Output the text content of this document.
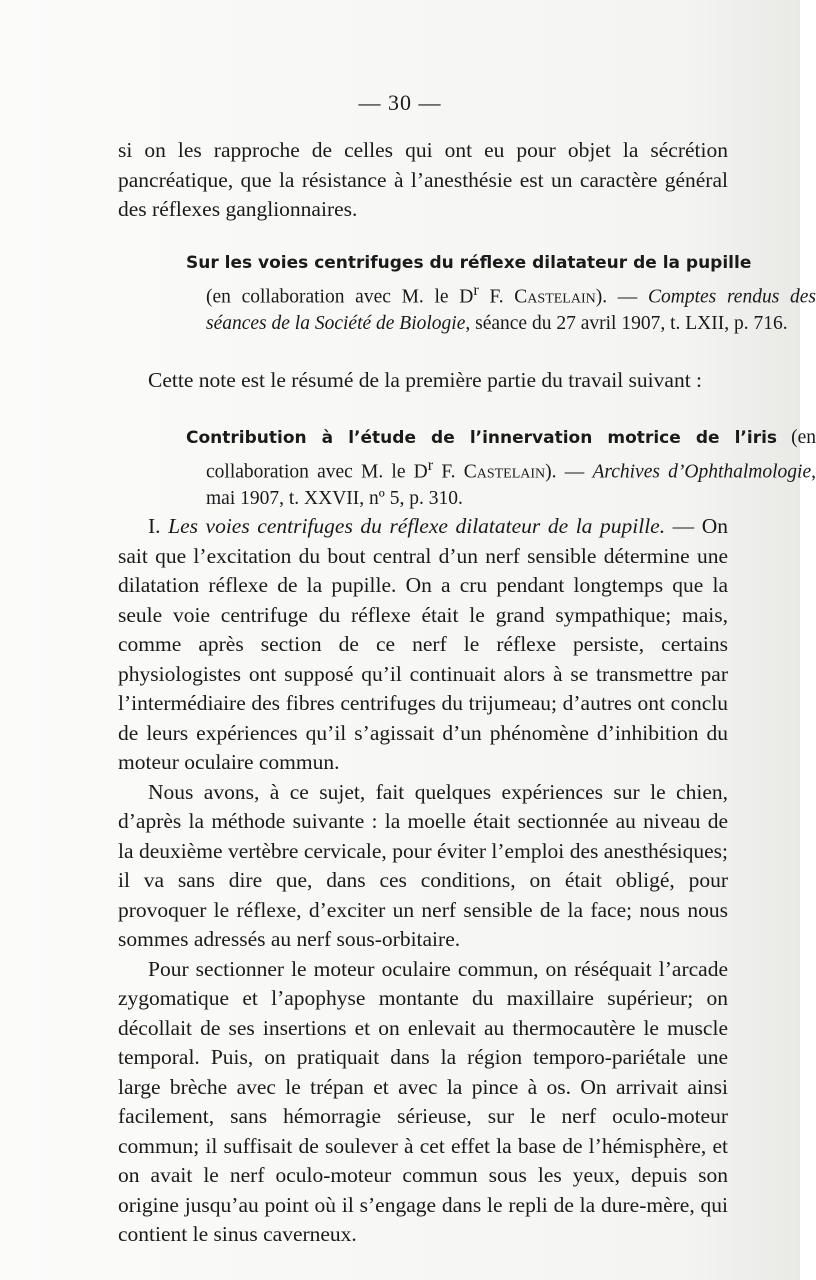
— 30 —

si on les rapproche de celles qui ont eu pour objet la sécrétion pancréatique, que la résistance à l’anesthésie est un caractère général des réflexes ganglionnaires.

Sur les voies centrifuges du réflexe dilatateur de la pupille
(en collaboration avec M. le $D^r$ F. Castelain). — Comptes rendus des séances de la Société de Biologie, séance du 27 avril 1907, t. LXII, p. 716.

Cette note est le résumé de la première partie du travail suivant :

Contribution à l’étude de l’innervation motrice de l’iris (en collaboration avec M. le $D^r$ F. Castelain). — Archives d’Ophthalmologie, mai 1907, t. XXVII, nº 5, p. 310.

I. Les voies centrifuges du réflexe dilatateur de la pupille. — On sait que l’excitation du bout central d’un nerf sensible détermine une dilatation réflexe de la pupille. On a cru pendant longtemps que la seule voie centrifuge du réflexe était le grand sympathique; mais, comme après section de ce nerf le réflexe persiste, certains physiologistes ont supposé qu’il continuait alors à se transmettre par l’intermédiaire des fibres centrifuges du trijumeau; d’autres ont conclu de leurs expériences qu’il s’agissait d’un phénomène d’inhibition du moteur oculaire commun.

Nous avons, à ce sujet, fait quelques expériences sur le chien, d’après la méthode suivante : la moelle était sectionnée au niveau de la deuxième vertèbre cervicale, pour éviter l’emploi des anesthésiques; il va sans dire que, dans ces conditions, on était obligé, pour provoquer le réflexe, d’exciter un nerf sensible de la face; nous nous sommes adressés au nerf sous-orbitaire.

Pour sectionner le moteur oculaire commun, on réséquait l’arcade zygomatique et l’apophyse montante du maxillaire supérieur; on décollait de ses insertions et on enlevait au thermocautère le muscle temporal. Puis, on pratiquait dans la région temporo-pariétale une large brèche avec le trépan et avec la pince à os. On arrivait ainsi facilement, sans hémorragie sérieuse, sur le nerf oculo-moteur commun; il suffisait de soulever à cet effet la base de l’hémisphère, et on avait le nerf oculo-moteur commun sous les yeux, depuis son origine jusqu’au point où il s’engage dans le repli de la dure-mère, qui contient le sinus caverneux.
